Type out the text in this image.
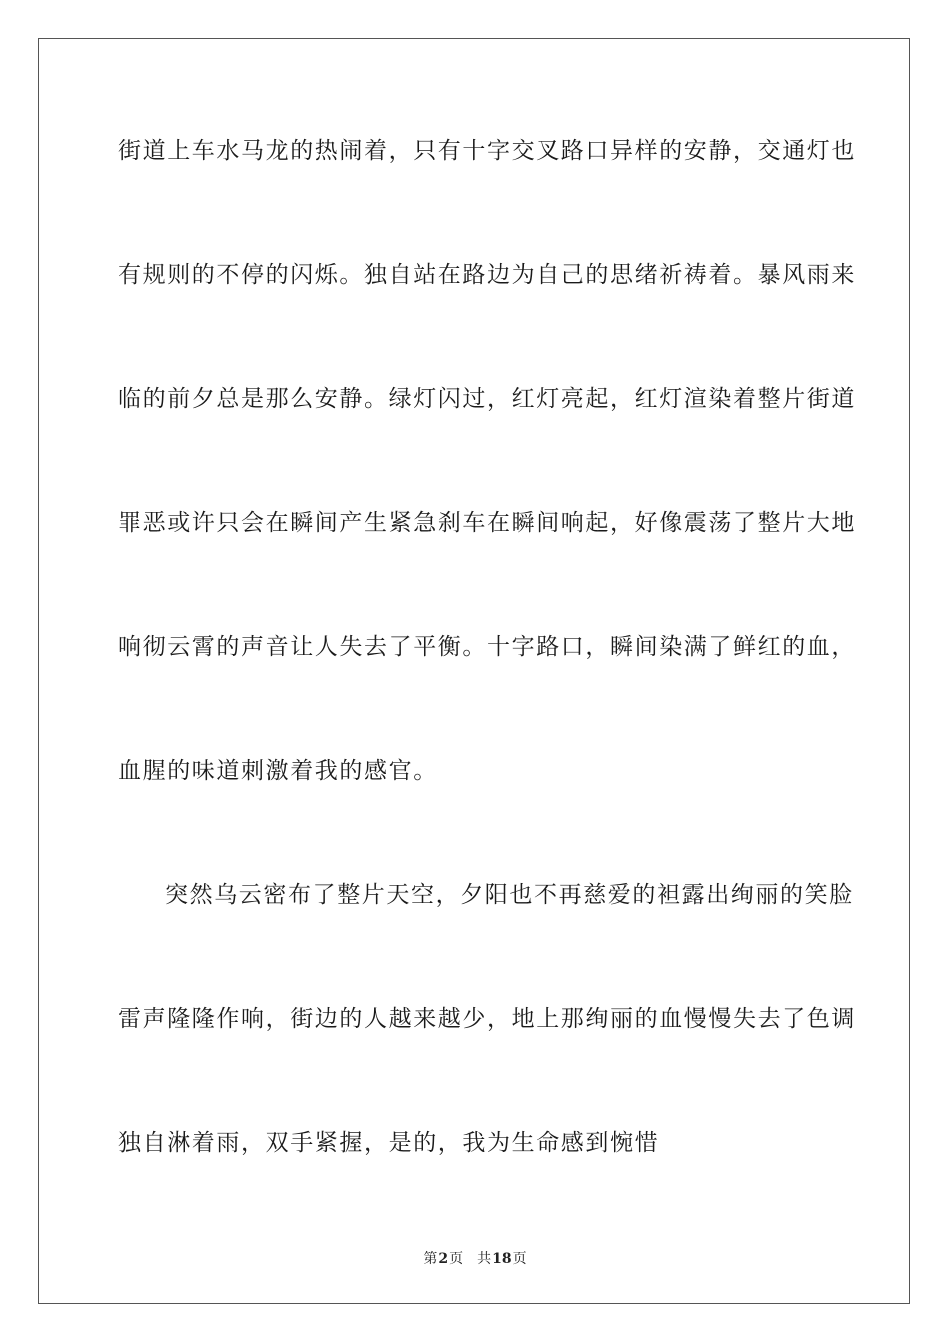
街道上车水马龙的热闹着，只有十字交叉路口异样的安静，交通灯也
有规则的不停的闪烁。独自站在路边为自己的思绪祈祷着。暴风雨来
临的前夕总是那么安静。绿灯闪过，红灯亮起，红灯渲染着整片街道
罪恶或许只会在瞬间产生紧急刹车在瞬间响起，好像震荡了整片大地
响彻云霄的声音让人失去了平衡。十字路口，瞬间染满了鲜红的血，
血腥的味道刺激着我的感官。
突然乌云密布了整片天空，夕阳也不再慈爱的袒露出绚丽的笑脸
雷声隆隆作响，街边的人越来越少，地上那绚丽的血慢慢失去了色调
独自淋着雨，双手紧握，是的，我为生命感到惋惜
第2页 共18页
